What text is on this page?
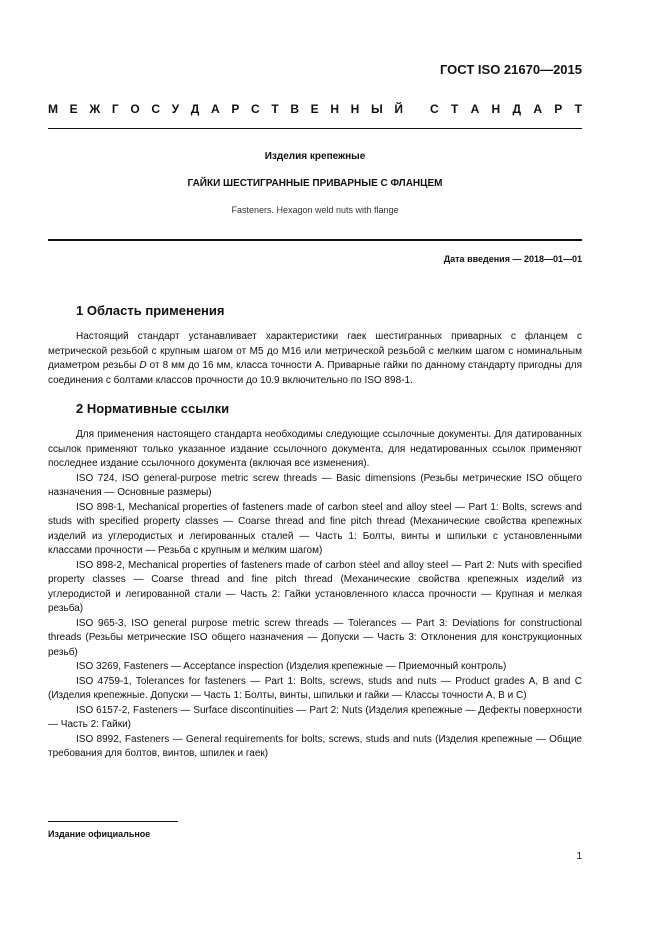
ГОСТ ISO 21670—2015
М Е Ж Г О С У Д А Р С Т В Е Н Н Ы Й С Т А Н Д А Р Т
Изделия крепежные
ГАЙКИ ШЕСТИГРАННЫЕ ПРИВАРНЫЕ С ФЛАНЦЕМ
Fasteners. Hexagon weld nuts with flange
Дата введения — 2018—01—01
1 Область применения

Настоящий стандарт устанавливает характеристики гаек шестигранных приварных с фланцем с метрической резьбой с крупным шагом от М5 до М16 или метрической резьбой с мелким шагом с номинальным диаметром резьбы D от 8 мм до 16 мм, класса точности А. Приварные гайки по данному стандарту пригодны для соединения с болтами классов прочности до 10.9 включительно по ISO 898-1.

2 Нормативные ссылки

Для применения настоящего стандарта необходимы следующие ссылочные документы. Для датированных ссылок применяют только указанное издание ссылочного документа, для недатированных ссылок применяют последнее издание ссылочного документа (включая все изменения).

ISO 724, ISO general-purpose metric screw threads — Basic dimensions (Резьбы метрические ISO общего назначения — Основные размеры)

ISO 898-1, Mechanical properties of fasteners made of carbon steel and alloy steel — Part 1: Bolts, screws and studs with specified property classes — Coarse thread and fine pitch thread (Механические свойства крепежных изделий из углеродистых и легированных сталей — Часть 1: Болты, винты и шпильки с установленными классами прочности — Резьба с крупным и мелким шагом)

ISO 898-2, Mechanical properties of fasteners made of carbon steel and alloy steel — Part 2: Nuts with specified property classes — Coarse thread and fine pitch thread (Механические свойства крепежных изделий из углеродистой и легированной стали — Часть 2: Гайки установленного класса прочности — Крупная и мелкая резьба)

ISO 965-3, ISO general purpose metric screw threads — Tolerances — Part 3: Deviations for constructional threads (Резьбы метрические ISO общего назначения — Допуски — Часть 3: Отклонения для конструкционных резьб)

ISO 3269, Fasteners — Acceptance inspection (Изделия крепежные — Приемочный контроль)

ISO 4759-1, Tolerances for fasteners — Part 1: Bolts, screws, studs and nuts — Product grades A, B and C (Изделия крепежные. Допуски — Часть 1: Болты, винты, шпильки и гайки — Классы точности А, В и С)

ISO 6157-2, Fasteners — Surface discontinuities — Part 2: Nuts (Изделия крепежные — Дефекты поверхности — Часть 2: Гайки)

ISO 8992, Fasteners — General requirements for bolts, screws, studs and nuts (Изделия крепежные — Общие требования для болтов, винтов, шпилек и гаек)

Издание официальное
1
